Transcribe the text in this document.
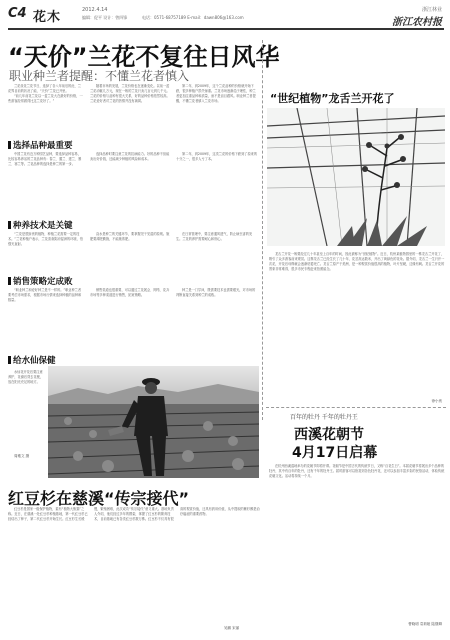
C4 花木	2012.4.14
编辑：促平 设计：曾四锋	电话：0571-68757189 E-mail：dawn806@163.com
浙江林业
浙江农村报
“天价”兰花不复往日风华
职业种兰者提醒：不懂兰花者慎入

兰花设花兰花节日，选择了各八年前后的此、兰花界目前的状况了能，“天价”兰花已开里。

“前几年前花兰花以一盆兰花大在最好的价格，一些游客经常做得比这兰花好了。”

随着市场的发展，兰花价格也在逐渐变化。以前一盆兰花动辄几万元，现在一般的兰花只卖几百元到几千元。兰花的价格与品种有很大关系，好的品种价格依然较高。兰花爱好者对兰花的热情并没有减弱。

第二年，到2009年，这个兰花品种的价格就开始下跌，很多种植户损失惨重。兰花市场逐渐趋于理性，种兰者更加注重品种和质量，而不是盲目跟风。职业种兰者提醒，不懂兰花者慎入兰花市场。

选择品种最重要

中国兰花有近万种园艺品种，要选择品种容易，比较容易养活的兰花品种有：春兰、蕙兰、建兰、墨兰、寒兰等。兰花品种的选择是种兰的第一步。

选择品种时要注意兰花的抗病能力。好的品种不但能卖出好价钱，还能减少种植的风险和成本。

第二年，到2009年，这类兰花的价格下跌到了原来的十分之一，很多人亏了本。

种养技术是关键

“兰花是很娇贵的植物，种植兰花需要一定的技术。”兰花种植户表示，兰花喜欢阴凉湿润的环境，怕强光直射。

浇水是种兰的关键环节，要掌握见干见湿的原则。施肥要薄肥勤施，不能施浓肥。

在日常管理中，要注意通风透气，防止病虫害的发生。兰花的养护需要耐心和细心。

销售策略定成败

“职业种兰和爱好种兰是不一样的。”职业种兰者要考虑市场需求，根据市场行情来选择种植的品种和数量。

销售渠道也很重要，可以通过兰花展会、网络、花卉市场等多种渠道进行销售，拓宽销路。

种兰是一门学问，既需要技术也需要眼光，对市场的判断直接关系到种兰的成败。

“世纪植物”龙舌兰开花了

龙舌兰开花一般要经过几十年甚至上百年的时间，因此被称为“世纪植物”。近日，杭州某植物园里的一株龙舌兰开花了，吸引了众多游客前来观赏。这株龙舌兰已经生长了几十年，花茎高达数米，开出了黄绿色的花朵。据介绍，龙舌兰一生只开一次花，开花后母株就会逐渐枯萎死亡。龙舌兰原产于美洲，是一种观赏价值很高的植物，叶片坚硬，边缘有刺。龙舌兰开花的景象非常难得，很多市民专程赶来拍照留念。

徐小贵
百年的牡丹 千年的牡丹王
西溪花朝节
4月17日启幕

在杭州西溪湿地举办的花朝节即将开幕。花朝节是中国古代的传统节日，又称“百花生日”。本届花朝节将展出多个品种的牡丹，其中有百年的牡丹，还有千年的牡丹王。届时游客可以欣赏到各色牡丹花，还可以参加丰富多彩的民俗活动，体验传统花朝文化。活动将持续一个月。

曹晓明 袁莉娅 陆继卿
给水仙保健

水仙花开花后要注意养护，花谢后剪去花梗，放在阳光充足的地方。

周雅文 摄
红豆杉在慈溪“传宗接代”

红豆杉是国家一级保护植物，素有“植物大熊猫”之称。近日，在慈溪一处红豆杉种植基地，第一代红豆杉已经结出了种子，第二代红豆杉开始生长。红豆杉生长缓慢，繁殖困难，此次成功“传宗接代”意义重大。基地负责人介绍，他们经过多年的摸索，掌握了红豆杉的繁育技术，目前基地已有各类红豆杉数万株。红豆杉不仅具有很高的观赏价值，还具有药用价值，从中提取的紫杉醇是治疗癌症的重要药物。

吴鹏 宋丽
